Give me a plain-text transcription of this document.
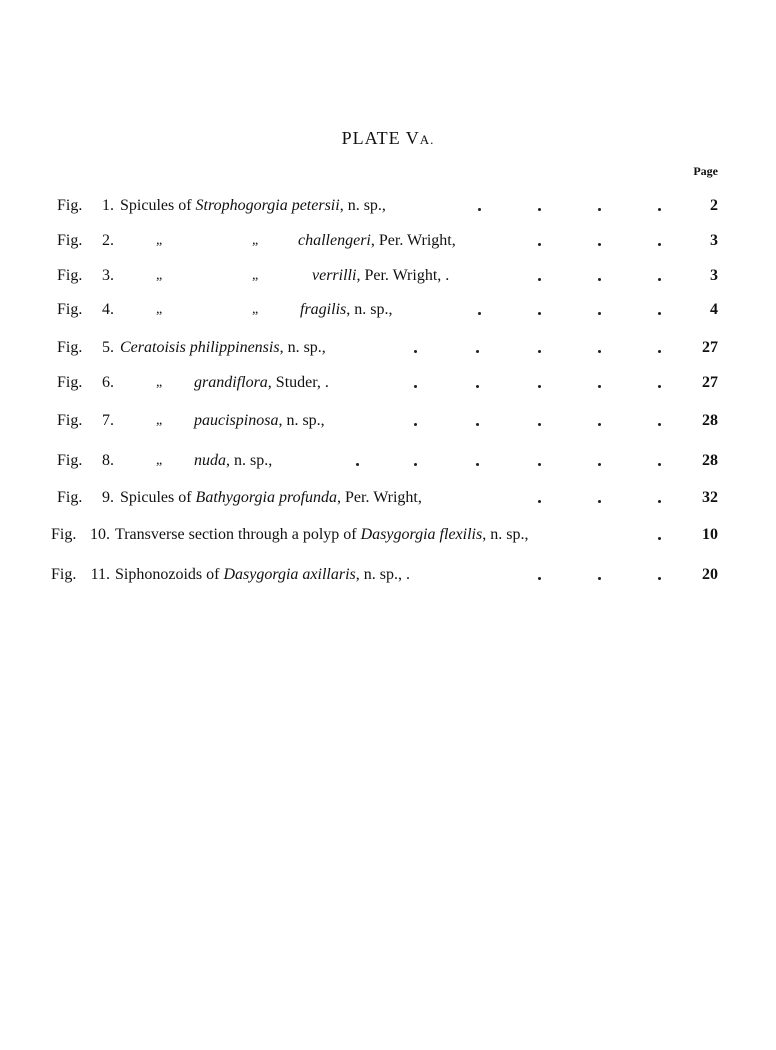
PLATE VA.
Page
Fig.	1. Spicules of Strophogorgia petersii, n. sp.,	2
Fig.	2.	„	„ challengeri, Per. Wright,	3
Fig.	3.	„	„	verrilli, Per. Wright, .	3
Fig.	4.	„	„	fragilis, n. sp.,	4
Fig.	5. Ceratoisis philippinensis, n. sp.,	27
Fig.	6.	„ grandiflora, Studer, .	27
Fig.	7.	„ paucispinosa, n. sp.,	28
Fig.	8.	„ nuda, n. sp.,	28
Fig.	9. Spicules of Bathygorgia profunda, Per. Wright,	32
Fig. 10. Transverse section through a polyp of Dasygorgia flexilis, n. sp.,	10
Fig. 11. Siphonozoids of Dasygorgia axillaris, n. sp., .	20
